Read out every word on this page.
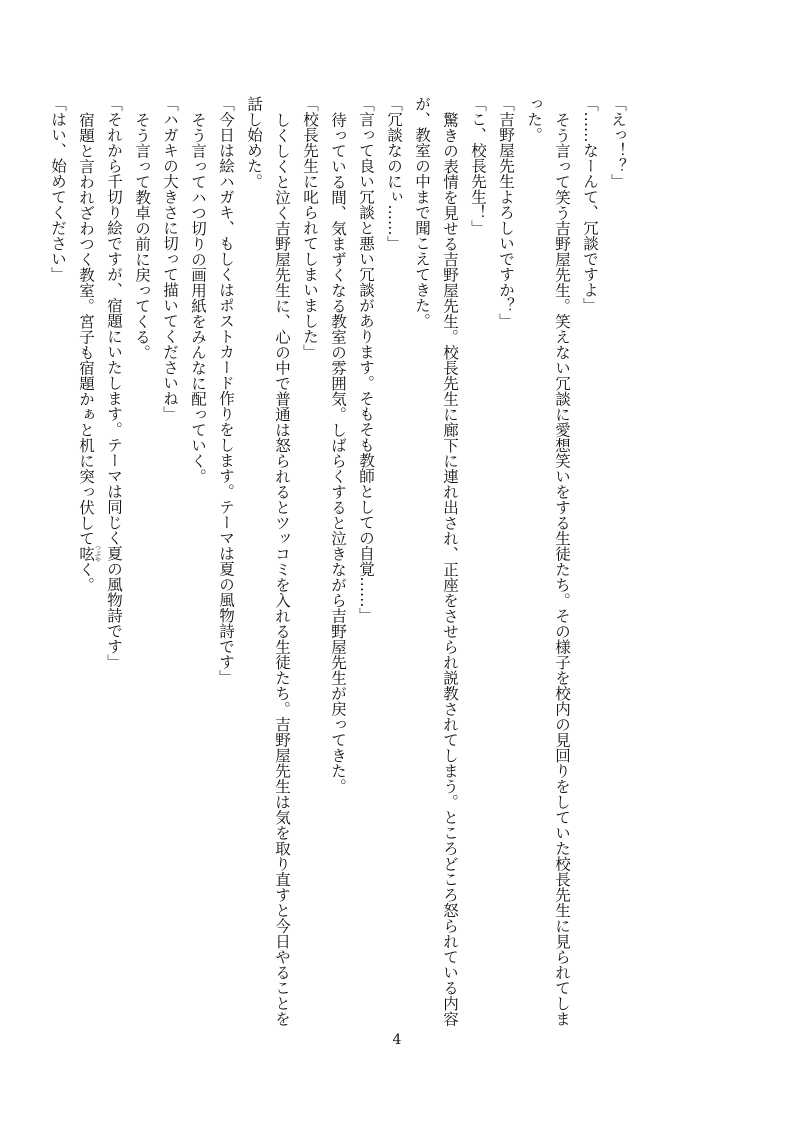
「えっ！？」

「……なーんて、冗談ですよ」

そう言って笑う吉野屋先生。笑えない冗談に愛想笑いをする生徒たち。その様子を校内の見回りをしていた校長先生に見られてしまった。

「吉野屋先生よろしいですか？」

「こ、校長先生！」

驚きの表情を見せる吉野屋先生。校長先生に廊下に連れ出され、正座をさせられ説教されてしまう。ところどころ怒られている内容が、教室の中まで聞こえてきた。

「冗談なのにぃ……」

「言って良い冗談と悪い冗談があります。そもそも教師としての自覚……」

待っている間、気まずくなる教室の雰囲気。しばらくすると泣きながら吉野屋先生が戻ってきた。

「校長先生に叱られてしまいました」

しくしくと泣く吉野屋先生に、心の中で普通は怒られるとツッコミを入れる生徒たち。吉野屋先生は気を取り直すと今日やることを話し始めた。

「今日は絵ハガキ、もしくはポストカード作りをします。テーマは夏の風物詩です」

そう言ってハつ切りの画用紙をみんなに配っていく。

「ハガキの大きさに切って描いてくださいね」

そう言って教卓の前に戻ってくる。

「それから千切り絵ですが、宿題にいたします。テーマは同じく夏の風物詩です」

宿題と言われざわつく教室。宮子も宿題かぁと机に突っ伏して呟つぶやく。

「はい、始めてください」

4
